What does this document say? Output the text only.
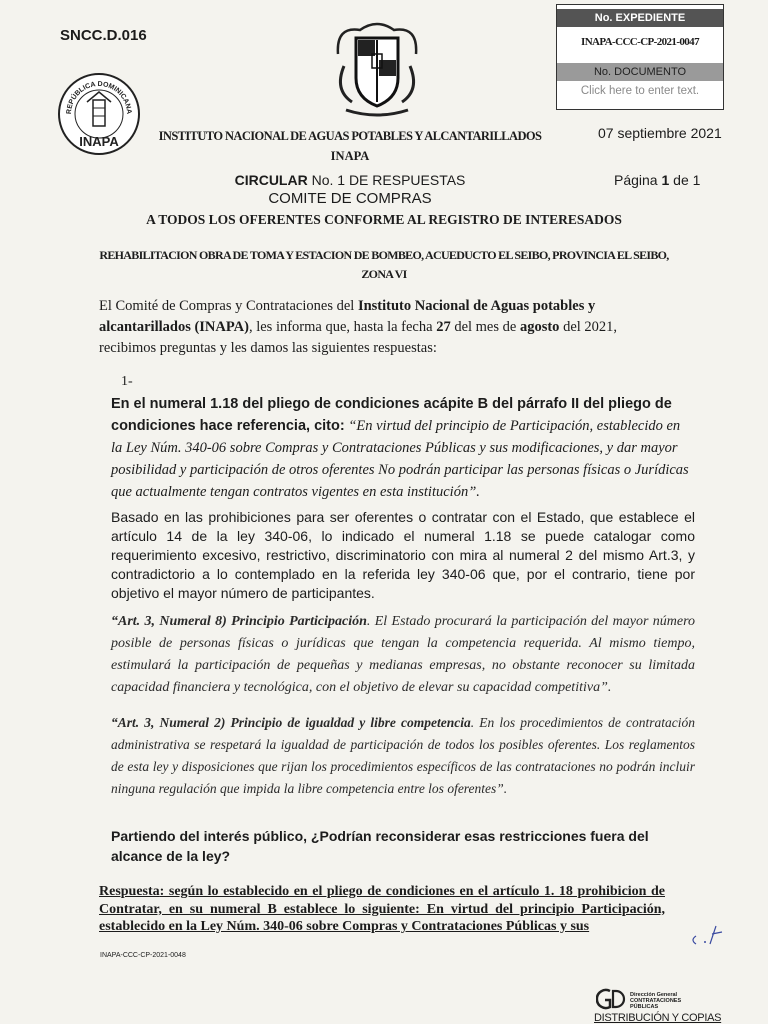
SNCC.D.016
No. EXPEDIENTE
INAPA-CCC-CP-2021-0047
No. DOCUMENTO
Click here to enter text.
REPÚBLICA DOMINICANA
INAPA	INSTITUTO NACIONAL DE AGUAS POTABLES Y ALCANTARILLADOS
INAPA
07 septiembre 2021
CIRCULAR No. 1 DE RESPUESTAS
COMITE DE COMPRAS
Página 1 de 1
A TODOS LOS OFERENTES CONFORME AL REGISTRO DE INTERESADOS
REHABILITACION OBRA DE TOMA Y ESTACION DE BOMBEO, ACUEDUCTO EL SEIBO, PROVINCIA EL SEIBO, ZONA VI
El Comité de Compras y Contrataciones del Instituto Nacional de Aguas potables y alcantarillados (INAPA), les informa que, hasta la fecha 27 del mes de agosto del 2021, recibimos preguntas y les damos las siguientes respuestas:
1-
En el numeral 1.18 del pliego de condiciones acápite B del párrafo II del pliego de condiciones hace referencia, cito: “En virtud del principio de Participación, establecido en la Ley Núm. 340-06 sobre Compras y Contrataciones Públicas y sus modificaciones, y dar mayor posibilidad y participación de otros oferentes No podrán participar las personas físicas o Jurídicas que actualmente tengan contratos vigentes en esta institución”.
Basado en las prohibiciones para ser oferentes o contratar con el Estado, que establece el artículo 14 de la ley 340-06, lo indicado el numeral 1.18 se puede catalogar como requerimiento excesivo, restrictivo, discriminatorio con mira al numeral 2 del mismo Art.3, y contradictorio a lo contemplado en la referida ley 340-06 que, por el contrario, tiene por objetivo el mayor número de participantes.
“Art. 3, Numeral 8) Principio Participación. El Estado procurará la participación del mayor número posible de personas físicas o jurídicas que tengan la competencia requerida. Al mismo tiempo, estimulará la participación de pequeñas y medianas empresas, no obstante reconocer su limitada capacidad financiera y tecnológica, con el objetivo de elevar su capacidad competitiva”.
“Art. 3, Numeral 2) Principio de igualdad y libre competencia. En los procedimientos de contratación administrativa se respetará la igualdad de participación de todos los posibles oferentes. Los reglamentos de esta ley y disposiciones que rijan los procedimientos específicos de las contrataciones no podrán incluir ninguna regulación que impida la libre competencia entre los oferentes”.
Partiendo del interés público, ¿Podrían reconsiderar esas restricciones fuera del alcance de la ley?
Respuesta: según lo establecido en el pliego de condiciones en el artículo 1. 18 prohibicion de Contratar, en su numeral B establece lo siguiente: En virtud del principio Participación, establecido en la Ley Núm. 340-06 sobre Compras y Contrataciones Públicas y sus
INAPA-CCC-CP-2021-0048
Dirección General CONTRATACIONES PÚBLICAS
DISTRIBUCIÓN Y COPIAS
